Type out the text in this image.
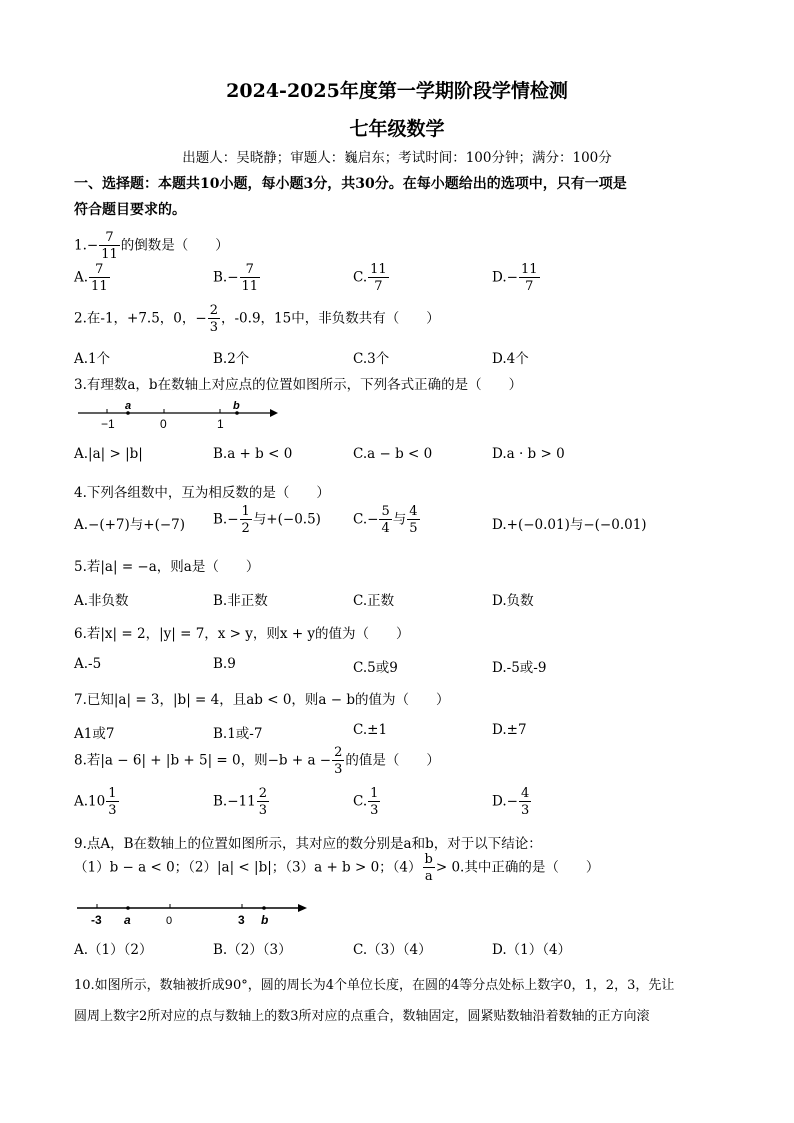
2024-2025年度第一学期阶段学情检测
七年级数学
出题人：吴晓静；审题人：巍启东；考试时间：100分钟；满分：100分
一、选择题：本题共10小题，每小题3分，共30分。在每小题给出的选项中，只有一项是
符合题目要求的。
$1.- \frac{7}{11}$ 的倒数是（　　）
A. $\frac{7}{11}$	$B.- \frac{7}{11}$	C. $\frac{11}{7}$	$D.- \frac{11}{7}$
2.在-1，+7.5，0，− $\frac{2}{3}$ ，-0.9，15中，非负数共有（　　）
A.1个	B.2个	C.3个	D.4个
3.有理数a，b在数轴上对应点的位置如图所示，下列各式正确的是（　　）
a	b
−1	0	1
A.|a| > |b|	B.a + b < 0	C.a − b < 0	D.a · b > 0
4.下列各组数中，互为相反数的是（　　）
A.−(+7)与+(−7) $B.- \frac{1}{2}$ 与+(−0.5) $C.- \frac{5}{4}$ 与 $\frac{4}{5}$	D.+(−0.01)与−(−0.01)
5.若|a| = −a，则a是（　　）
A.非负数	B.非正数	C.正数	D.负数
6.若|x| = 2，|y| = 7，x > y，则x + y的值为（　　）
A.-5	B.9	C.5或9	D.-5或-9
7.已知|a| = 3，|b| = 4，且ab < 0，则a − b的值为（　　）
A1或7	B.1或-7	C.±1	D.±7
8.若|a − 6| + |b + 5| = 0，则$-b + a - \frac{2}{3}$ 的值是（　　）
$A.10 \frac{1}{3}$	$B.-11 \frac{2}{3}$	C. $\frac{1}{3}$	$D.- \frac{4}{3}$
9.点A，B在数轴上的位置如图所示，其对应的数分别是a和b，对于以下结论：
（1）b − a < 0；（2）|a| < |b|；（3）a + b > 0；$(4) \frac{b}{a} > 0$.其中正确的是（　　）
-3	0	3
a	b
A.（1）（2）	B.（2）（3）	C.（3）（4）	D.（1）（4）
10.如图所示，数轴被折成90°，圆的周长为4个单位长度，在圆的4等分点处标上数字0，1，2，3，先让
圆周上数字2所对应的点与数轴上的数3所对应的点重合，数轴固定，圆紧贴数轴沿着数轴的正方向滚
